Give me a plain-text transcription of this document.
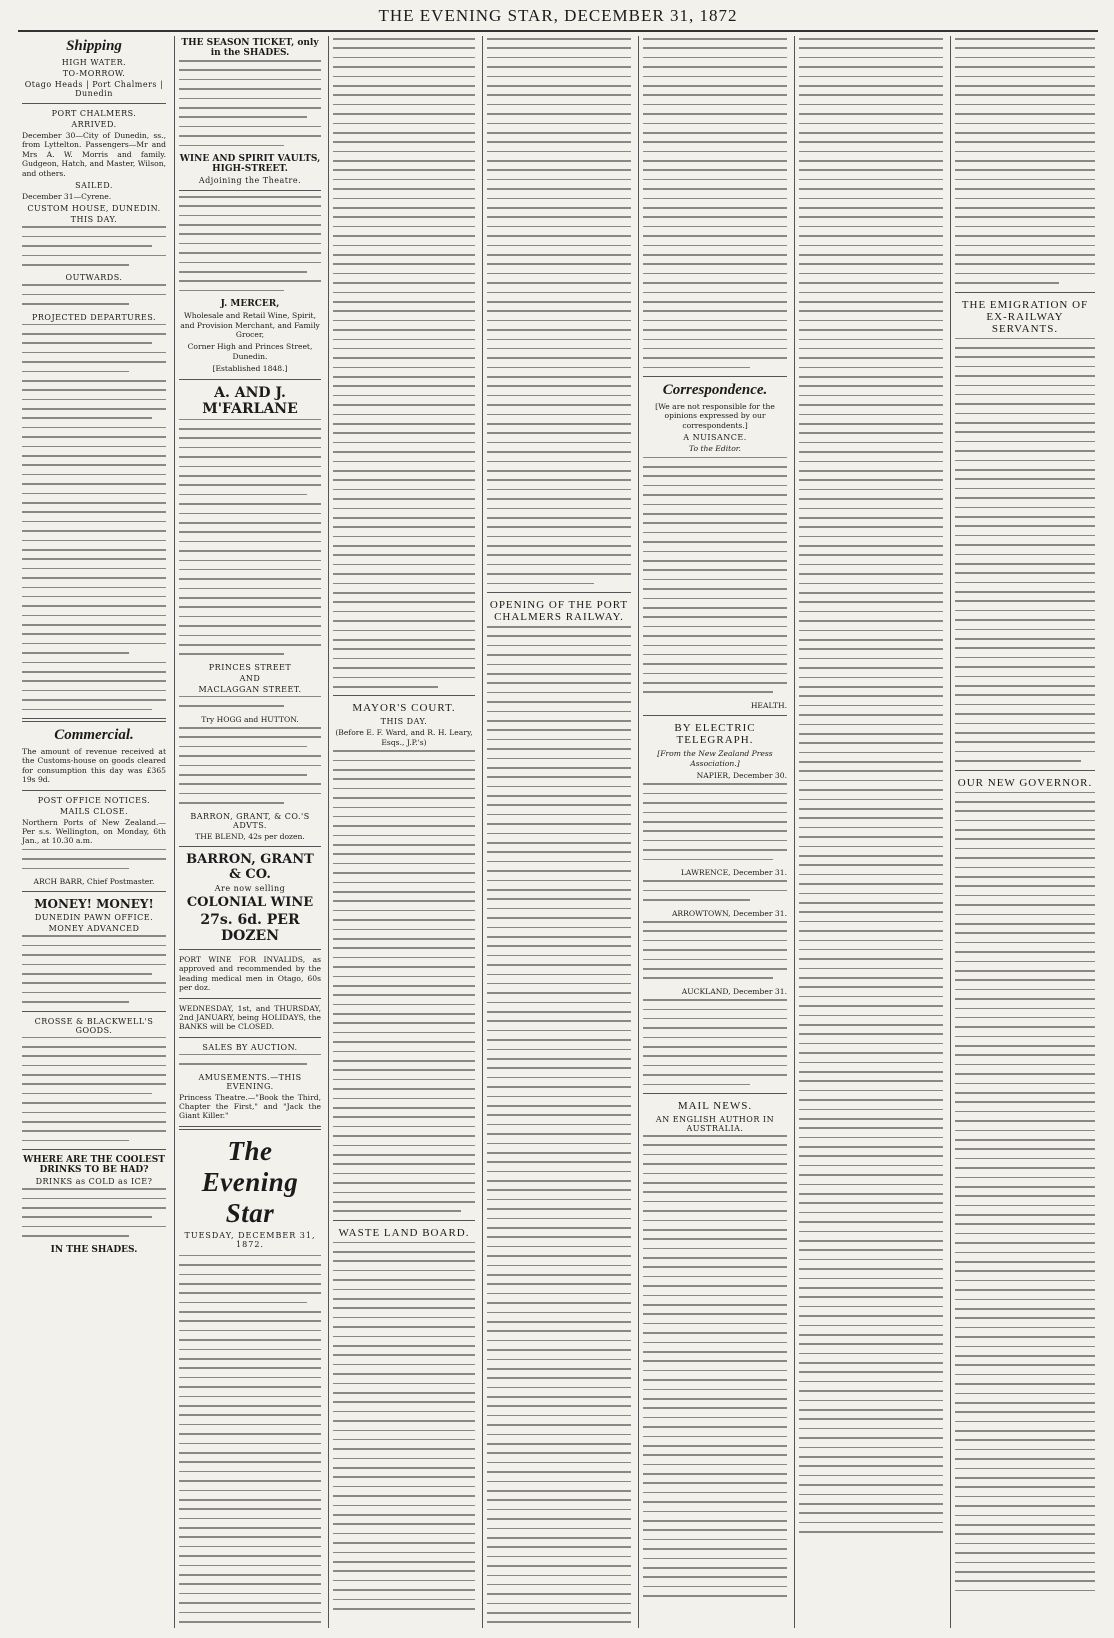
THE EVENING STAR, DECEMBER 31, 1872
Shipping
HIGH WATER.
TO-MORROW.
Otago Heads | Port Chalmers | Dunedin
PORT CHALMERS.
ARRIVED.

December 30—City of Dunedin, ss., from Lyttelton. Passengers—Mr and Mrs A. W. Morris and family. Gudgeon, Hatch, and Master, Wilson, and others.

SAILED.

December 31—Cyrene.

CUSTOM HOUSE, DUNEDIN.
THIS DAY.
OUTWARDS.
PROJECTED DEPARTURES.
Commercial.

The amount of revenue received at the Customs-house on goods cleared for consumption this day was £365 19s 9d.

POST OFFICE NOTICES.
MAILS CLOSE.

Northern Ports of New Zealand.—Per s.s. Wellington, on Monday, 6th Jan., at 10.30 a.m.

ARCH BARR, Chief Postmaster.
MONEY! MONEY!
DUNEDIN PAWN OFFICE.
MONEY ADVANCED
CROSSE & BLACKWELL'S GOODS.
WHERE ARE THE COOLEST DRINKS TO BE HAD?
DRINKS as COLD as ICE?
IN THE SHADES.
THE SEASON TICKET, only in the SHADES.
WINE AND SPIRIT VAULTS, HIGH-STREET.
Adjoining the Theatre.
J. MERCER,
Wholesale and Retail Wine, Spirit, and Provision Merchant, and Family Grocer,
Corner High and Princes Street, Dunedin.
[Established 1848.]
A. AND J. M'FARLANE
PRINCES STREET
AND
MACLAGGAN STREET.
Try HOGG and HUTTON.
BARRON, GRANT, & CO.'S ADVTS.
THE BLEND, 42s per dozen.
BARRON, GRANT & CO.
Are now selling
COLONIAL WINE
27s. 6d. PER DOZEN

PORT WINE FOR INVALIDS, as approved and recommended by the leading medical men in Otago, 60s per doz.

WEDNESDAY, 1st, and THURSDAY, 2nd JANUARY, being HOLIDAYS, the BANKS will be CLOSED.

SALES BY AUCTION.
AMUSEMENTS.—THIS EVENING.

Princess Theatre.—"Book the Third, Chapter the First," and "Jack the Giant Killer."

The Evening Star
TUESDAY, DECEMBER 31, 1872.
MAYOR'S COURT.
THIS DAY.
(Before E. F. Ward, and R. H. Leary, Esqs., J.P.'s)
WASTE LAND BOARD.
OPENING OF THE PORT CHALMERS RAILWAY.
Correspondence.
[We are not responsible for the opinions expressed by our correspondents.]
A NUISANCE.
To the Editor.
HEALTH.
BY ELECTRIC TELEGRAPH.
[From the New Zealand Press Association.]
NAPIER, December 30.
LAWRENCE, December 31.
ARROWTOWN, December 31.
AUCKLAND, December 31.
MAIL NEWS.
AN ENGLISH AUTHOR IN AUSTRALIA.
THE EMIGRATION OF EX-RAILWAY SERVANTS.
OUR NEW GOVERNOR.
